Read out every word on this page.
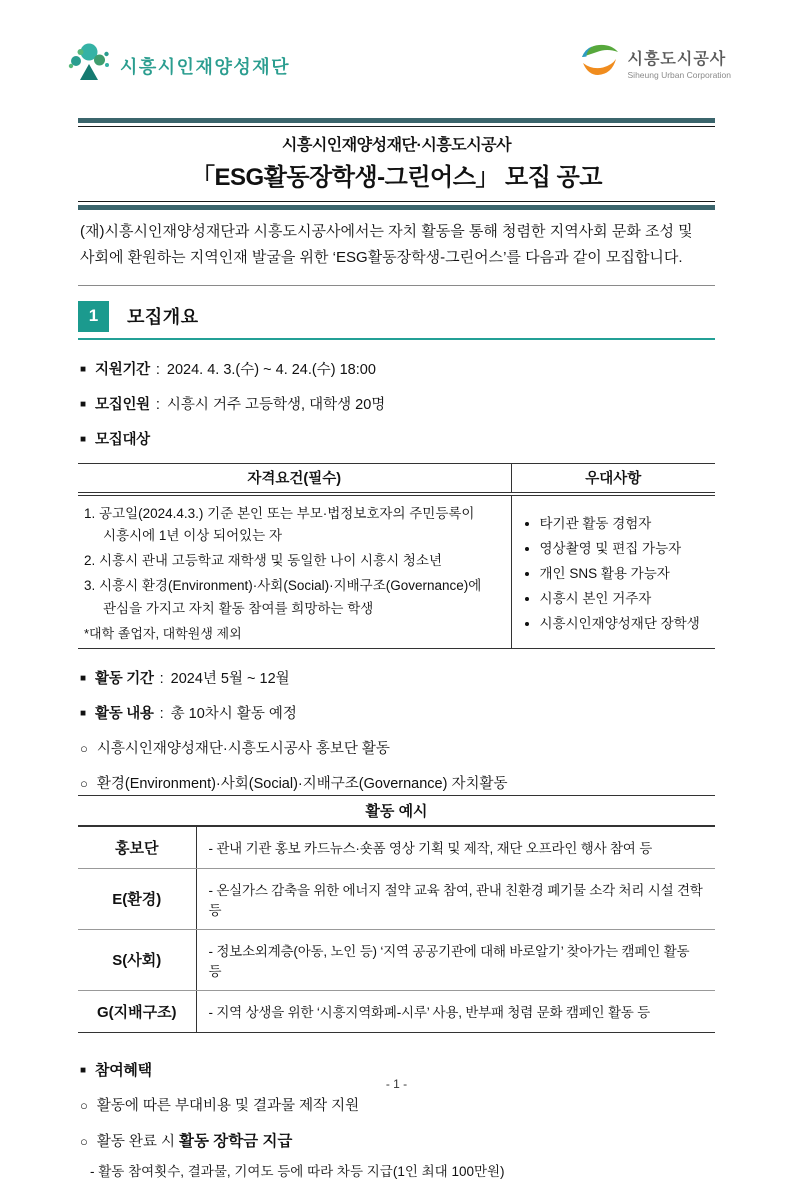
시흥시인재양성재단	시흥도시공사
Siheung Urban Corporation
시흥시인재양성재단·시흥도시공사
「ESG활동장학생-그린어스」 모집 공고
(재)시흥시인재양성재단과 시흥도시공사에서는 자치 활동을 통해 청렴한 지역사회 문화 조성 및 사회에 환원하는 지역인재 발굴을 위한 ‘ESG활동장학생-그린어스’를 다음과 같이 모집합니다.
1	모집개요
■ 지원기간 : 2024. 4. 3.(수) ~ 4. 24.(수) 18:00
■ 모집인원 : 시흥시 거주 고등학생, 대학생 20명
■ 모집대상
자격요건(필수)	우대사항

1. 공고일(2024.4.3.) 기준 본인 또는 부모·법정보호자의 주민등록이 시흥시에 1년 이상 되어있는 자
2. 시흥시 관내 고등학교 재학생 및 동일한 나이 시흥시 청소년
3. 시흥시 환경(Environment)·사회(Social)·지배구조(Governance)에 관심을 가지고 자치 활동 참여를 희망하는 학생
*대학 졸업자, 대학원생 제외

• 타기관 활동 경험자
• 영상촬영 및 편집 가능자
• 개인 SNS 활용 가능자
• 시흥시 본인 거주자
• 시흥시인재양성재단 장학생
■ 활동 기간 : 2024년 5월 ~ 12월
■ 활동 내용 : 총 10차시 활동 예정
○ 시흥시인재양성재단·시흥도시공사 홍보단 활동
○ 환경(Environment)·사회(Social)·지배구조(Governance) 자치활동
활동 예시	
홍보단	- 관내 기관 홍보 카드뉴스·숏폼 영상 기획 및 제작, 재단 오프라인 행사 참여 등
E(환경)	- 온실가스 감축을 위한 에너지 절약 교육 참여, 관내 친환경 폐기물 소각 처리 시설 견학 등
S(사회)	- 정보소외계층(아동, 노인 등) ‘지역 공공기관에 대해 바로알기’ 찾아가는 캠페인 활동 등
G(지배구조)	- 지역 상생을 위한 ‘시흥지역화폐-시루’ 사용, 반부패 청렴 문화 캠페인 활동 등
■ 참여혜택
○ 활동에 따른 부대비용 및 결과물 제작 지원
○ 활동 완료 시 활동 장학금 지급
- 활동 참여횟수, 결과물, 기여도 등에 따라 차등 지급(1인 최대 100만원)
- 1 -
